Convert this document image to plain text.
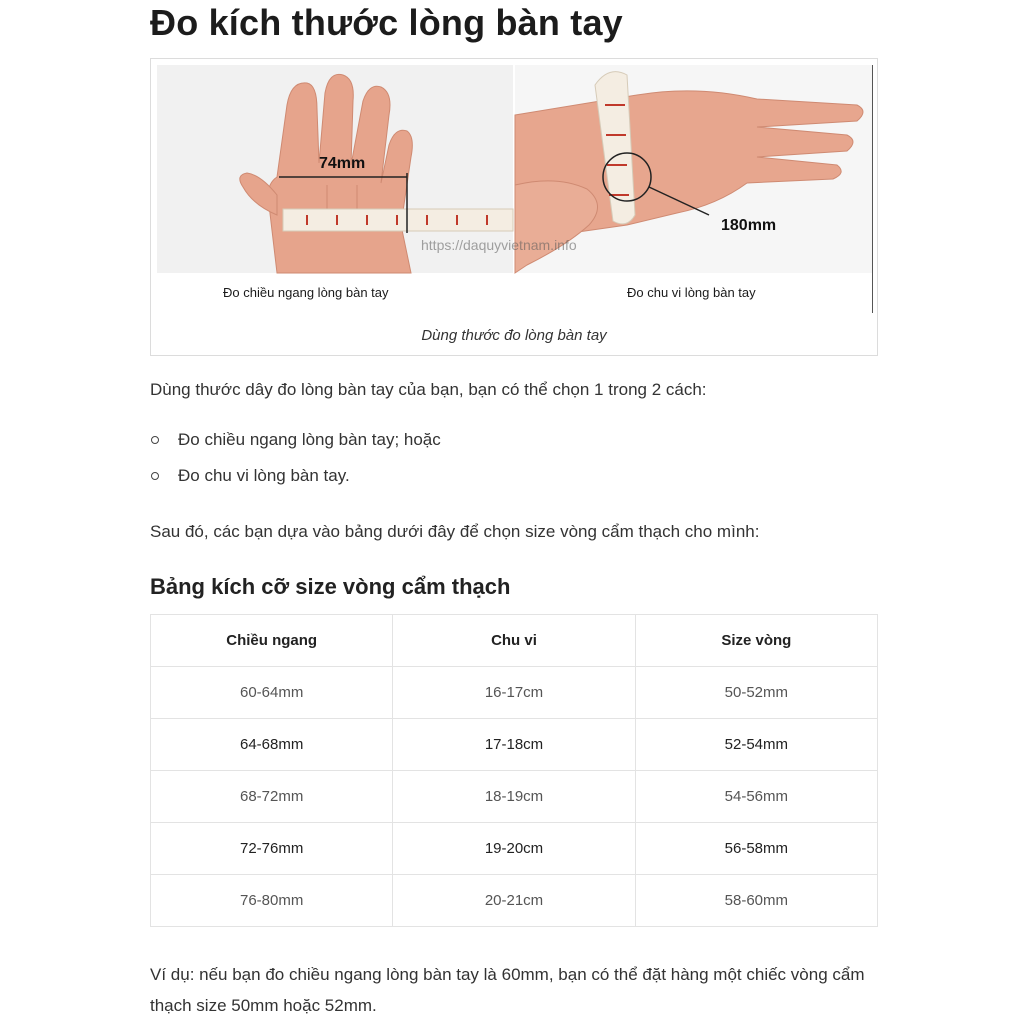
Đo kích thước lòng bàn tay
74mm
180mm
https://daquyvietnam.info
Đo chiều ngang lòng bàn tay	Đo chu vi lòng bàn tay
Dùng thước đo lòng bàn tay

Dùng thước dây đo lòng bàn tay của bạn, bạn có thể chọn 1 trong 2 cách:

Đo chiều ngang lòng bàn tay; hoặc
Đo chu vi lòng bàn tay.

Sau đó, các bạn dựa vào bảng dưới đây để chọn size vòng cẩm thạch cho mình:

Bảng kích cỡ size vòng cẩm thạch
Chiều ngang	Chu vi	Size vòng
60-64mm	16-17cm	50-52mm
64-68mm	17-18cm	52-54mm
68-72mm	18-19cm	54-56mm
72-76mm	19-20cm	56-58mm
76-80mm	20-21cm	58-60mm

Ví dụ: nếu bạn đo chiều ngang lòng bàn tay là 60mm, bạn có thể đặt hàng một chiếc vòng cẩm thạch size 50mm hoặc 52mm.
